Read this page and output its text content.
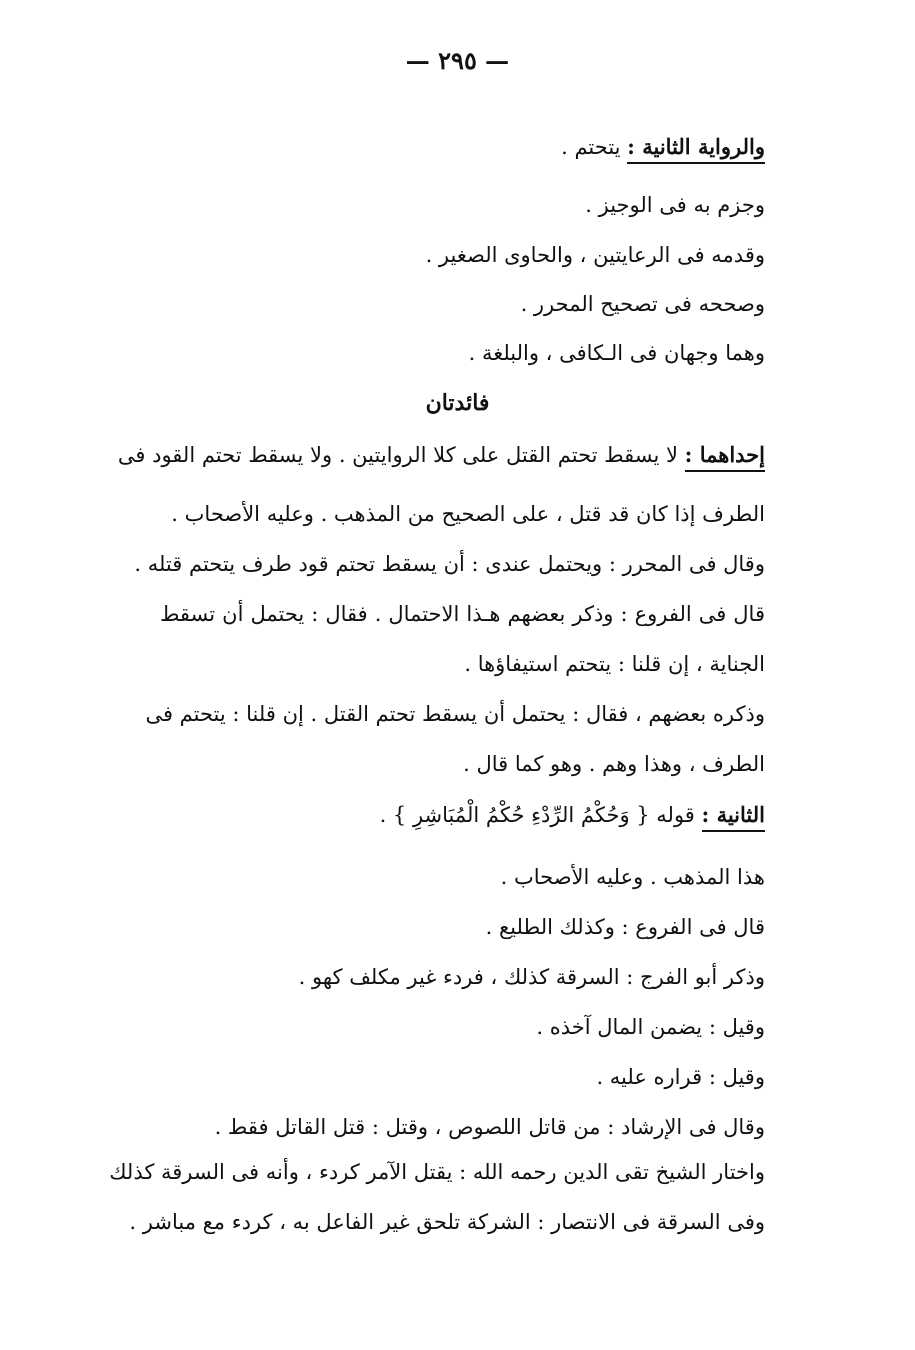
— ٢٩٥ —
والرواية الثانية : يتحتم .
وجزم به فى الوجيز .
وقدمه فى الرعايتين ، والحاوى الصغير .
وصححه فى تصحيح المحرر .
وهما وجهان فى الـكافى ، والبلغة .
فائدتان
إحداهما : لا يسقط تحتم القتل على كلا الروايتين . ولا يسقط تحتم القود فى
الطرف إذا كان قد قتل ، على الصحيح من المذهب . وعليه الأصحاب .
وقال فى المحرر : ويحتمل عندى : أن يسقط تحتم قود طرف يتحتم قتله .
قال فى الفروع : وذكر بعضهم هـذا الاحتمال . فقال : يحتمل أن تسقط
الجناية ، إن قلنا : يتحتم استيفاؤها .
وذكره بعضهم ، فقال : يحتمل أن يسقط تحتم القتل . إن قلنا : يتحتم فى
الطرف ، وهذا وهم . وهو كما قال .
الثانية : قوله { وَحُكْمُ الرِّدْءِ حُكْمُ الْمُبَاشِرِ } .
هذا المذهب . وعليه الأصحاب .
قال فى الفروع : وكذلك الطليع .
وذكر أبو الفرج : السرقة كذلك ، فردء غير مكلف كهو .
وقيل : يضمن المال آخذه .
وقيل : قراره عليه .
وقال فى الإرشاد : من قاتل اللصوص ، وقتل : قتل القاتل فقط .
واختار الشيخ تقى الدين رحمه الله : يقتل الآمر كردء ، وأنه فى السرقة كذلك
وفى السرقة فى الانتصار : الشركة تلحق غير الفاعل به ، كردء مع مباشر .
